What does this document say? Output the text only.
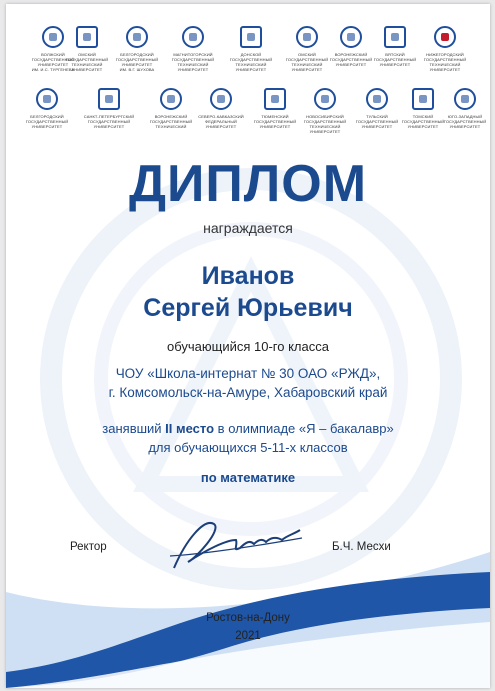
ВОЛЖСКИЙ
ГОСУДАРСТВЕННЫЙ
УНИВЕРСИТЕТ
ИМ. И.С. ТУРГЕНЕВА
ОМСКИЙ
ГОСУДАРСТВЕННЫЙ
ТЕХНИЧЕСКИЙ
УНИВЕРСИТЕТ
БЕЛГОРОДСКИЙ
ГОСУДАРСТВЕННЫЙ
УНИВЕРСИТЕТ
ИМ. В.Г. ШУХОВА
МАГНИТОГОРСКИЙ
ГОСУДАРСТВЕННЫЙ
ТЕХНИЧЕСКИЙ
УНИВЕРСИТЕТ
ДОНСКОЙ
ГОСУДАРСТВЕННЫЙ
ТЕХНИЧЕСКИЙ
УНИВЕРСИТЕТ
ОМСКИЙ
ГОСУДАРСТВЕННЫЙ
ТЕХНИЧЕСКИЙ
УНИВЕРСИТЕТ
ВОРОНЕЖСКИЙ
ГОСУДАРСТВЕННЫЙ
УНИВЕРСИТЕТ
ВЯТСКИЙ
ГОСУДАРСТВЕННЫЙ
УНИВЕРСИТЕТ
НИЖЕГОРОДСКИЙ
ГОСУДАРСТВЕННЫЙ
ТЕХНИЧЕСКИЙ УНИВЕРСИТЕТ
БЕЛГОРОДСКИЙ
ГОСУДАРСТВЕННЫЙ
УНИВЕРСИТЕТ
САНКТ-ПЕТЕРБУРГСКИЙ
ГОСУДАРСТВЕННЫЙ
УНИВЕРСИТЕТ
ВОРОНЕЖСКИЙ
ГОСУДАРСТВЕННЫЙ
ТЕХНИЧЕСКИЙ
СЕВЕРО-КАВКАЗСКИЙ
ФЕДЕРАЛЬНЫЙ
УНИВЕРСИТЕТ
ТЮМЕНСКИЙ
ГОСУДАРСТВЕННЫЙ
УНИВЕРСИТЕТ
НОВОСИБИРСКИЙ
ГОСУДАРСТВЕННЫЙ
ТЕХНИЧЕСКИЙ УНИВЕРСИТЕТ
ТУЛЬСКИЙ
ГОСУДАРСТВЕННЫЙ
УНИВЕРСИТЕТ
ТОМСКИЙ
ГОСУДАРСТВЕННЫЙ
УНИВЕРСИТЕТ
ЮГО-ЗАПАДНЫЙ
ГОСУДАРСТВЕННЫЙ
УНИВЕРСИТЕТ
ДИПЛОМ
награждается
Иванов
Сергей Юрьевич
обучающийся 10-го класса
ЧОУ «Школа-интернат № 30 ОАО «РЖД»,
г. Комсомольск-на-Амуре, Хабаровский край
занявший II место в олимпиаде «Я – бакалавр»
для обучающихся 5-11-х классов
по математике
Ректор	Б.Ч. Месхи
Ростов-на-Дону
2021
